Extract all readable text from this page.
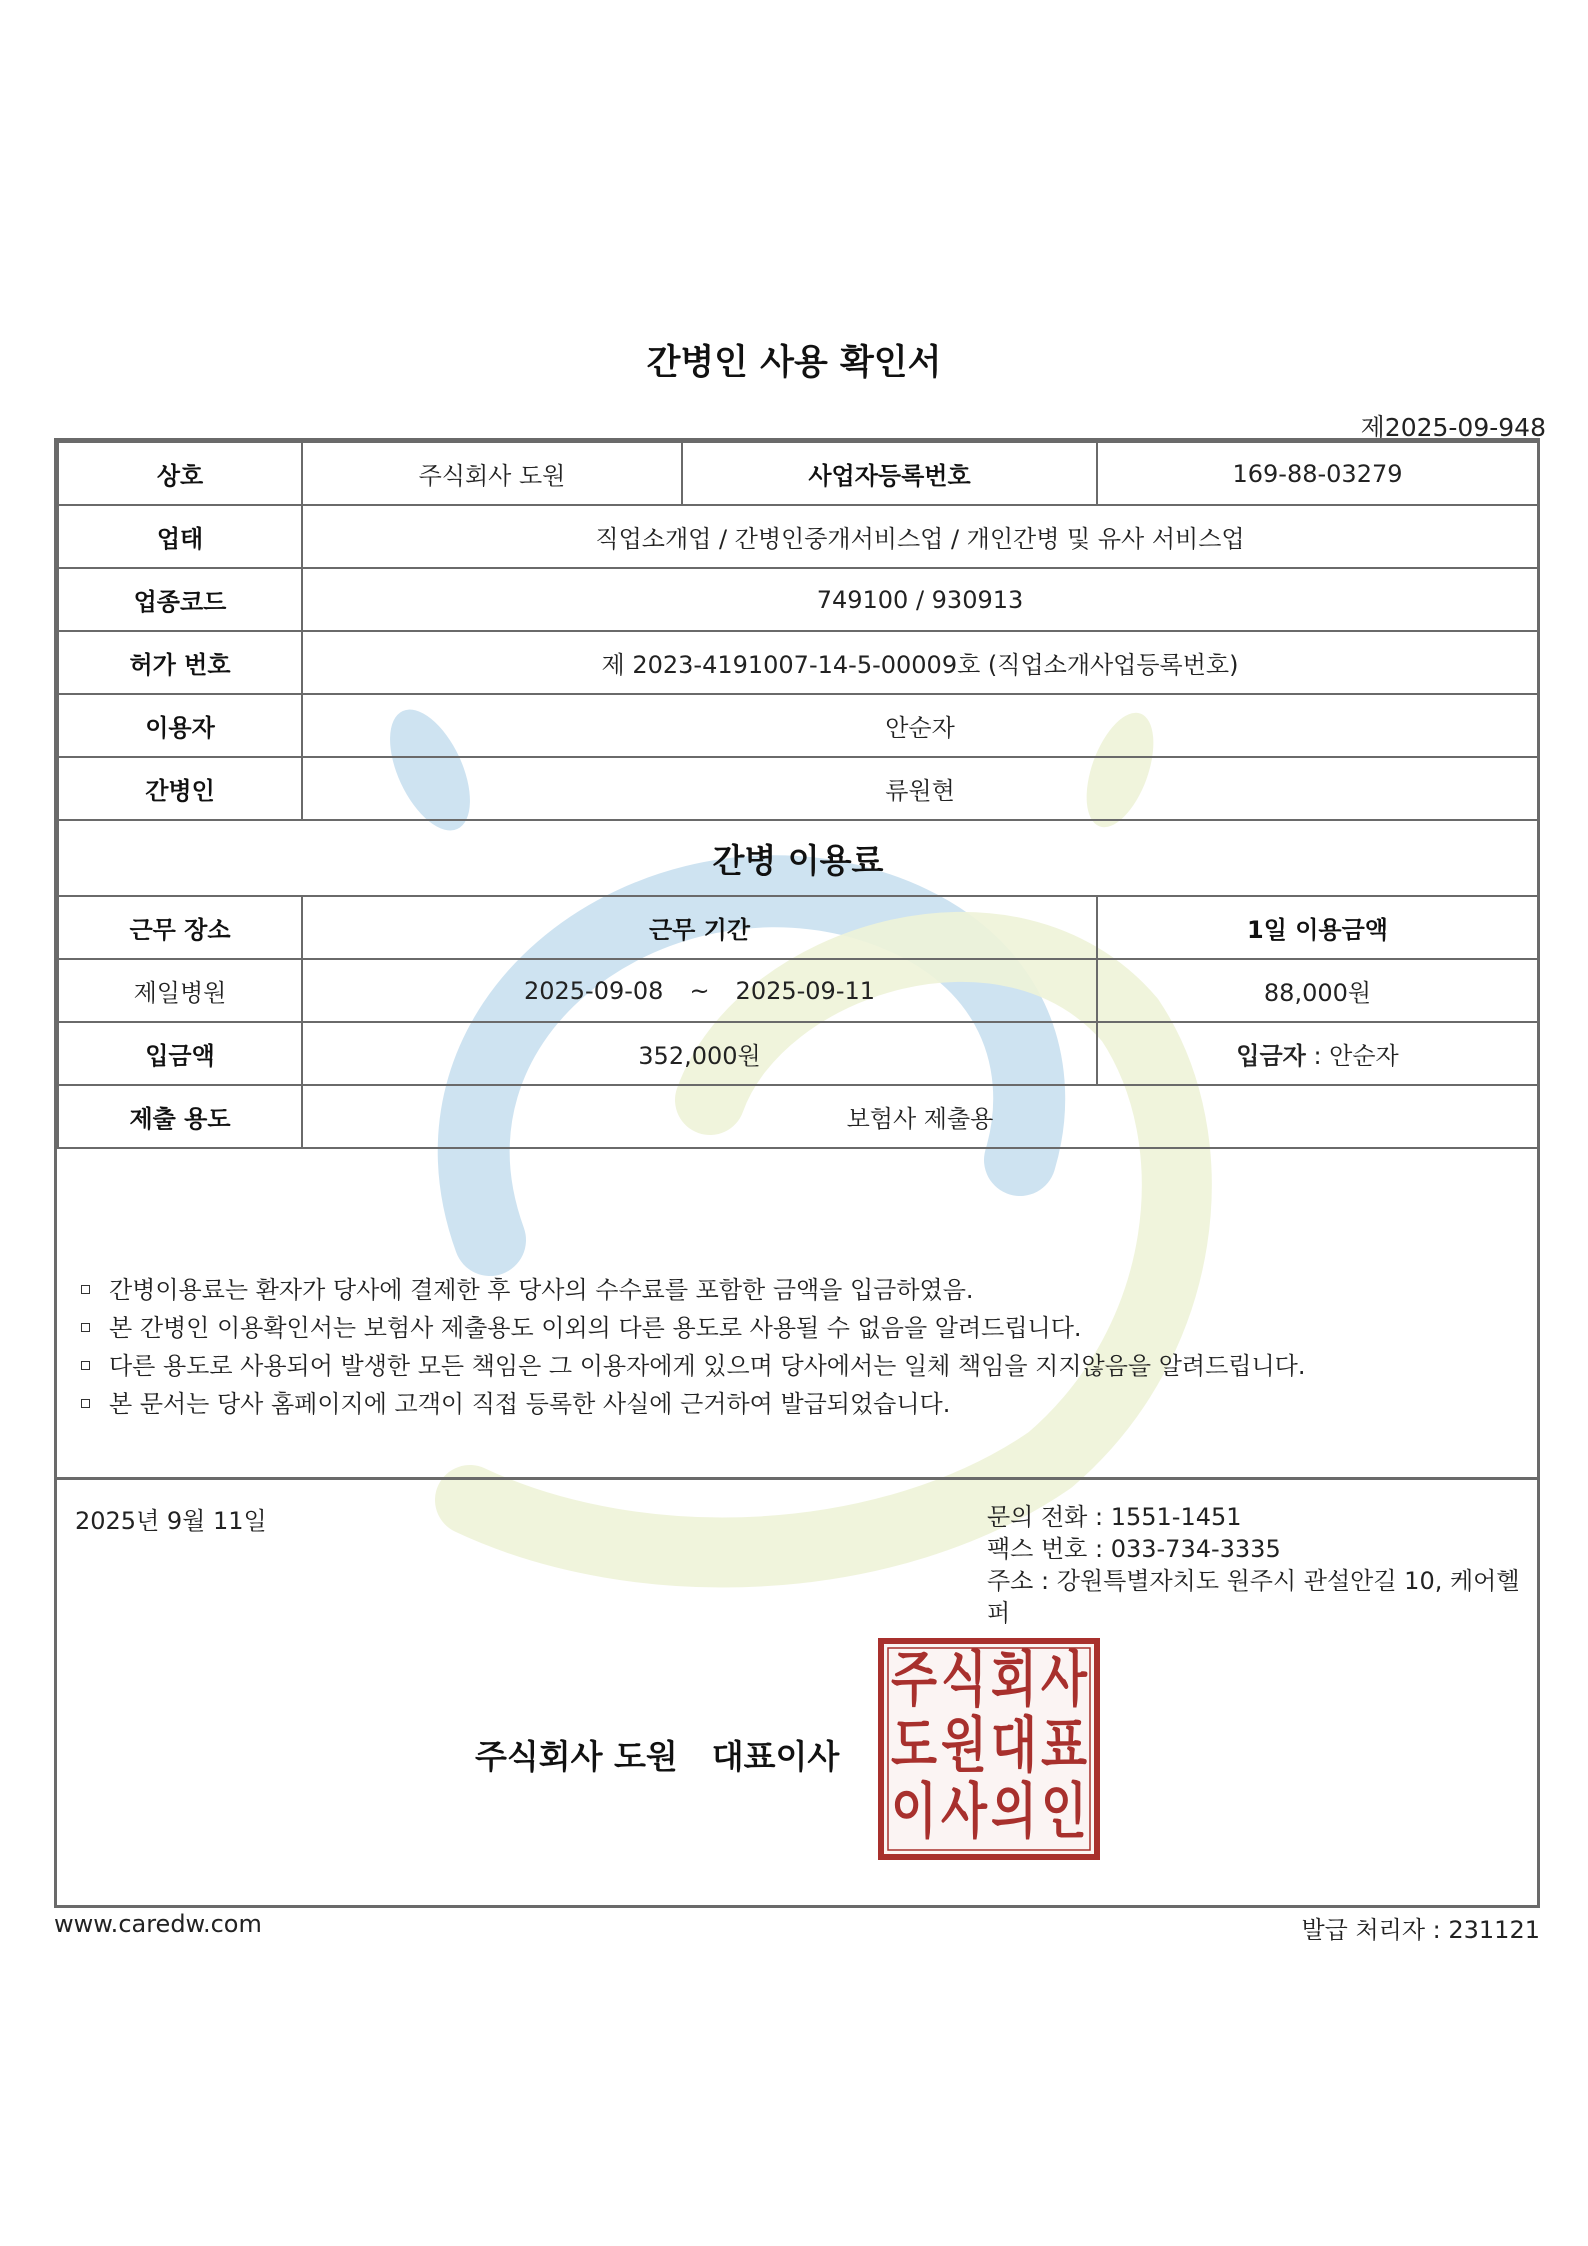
간병인 사용 확인서
제2025-09-948
상호	주식회사 도원	사업자등록번호	169-88-03279
업태	직업소개업 / 간병인중개서비스업 / 개인간병 및 유사 서비스업		
업종코드	749100 / 930913		
허가 번호	제 2023-4191007-14-5-00009호 (직업소개사업등록번호)		
이용자	안순자		
간병인	류원현		
간병 이용료			
근무 장소	근무 기간		1일 이용금액
제일병원	2025-09-08 ~ 2025-09-11		88,000원
입금액	352,000원		입금자 : 안순자
제출 용도	보험사 제출용		
간병이용료는 환자가 당사에 결제한 후 당사의 수수료를 포함한 금액을 입금하였음.
본 간병인 이용확인서는 보험사 제출용도 이외의 다른 용도로 사용될 수 없음을 알려드립니다.
다른 용도로 사용되어 발생한 모든 책임은 그 이용자에게 있으며 당사에서는 일체 책임을 지지않음을 알려드립니다.
본 문서는 당사 홈페이지에 고객이 직접 등록한 사실에 근거하여 발급되었습니다.
2025년 9월 11일	문의 전화 : 1551-1451
팩스 번호 : 033-734-3335
주소 : 강원특별자치도 원주시 관설안길 10, 케어헬퍼
주식회사 도원 대표이사
주 식 회 사
도 원 대 표
이 사 의 인
www.caredw.com	발급 처리자 : 231121
